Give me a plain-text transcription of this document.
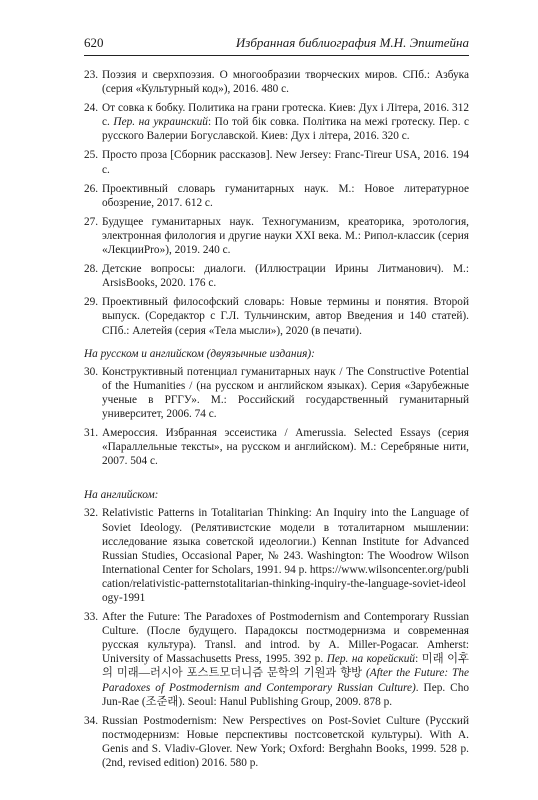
620	Избранная библиография М.Н. Эпштейна
23. Поэзия и сверхпоэзия. О многообразии творческих миров. СПб.: Азбука (серия «Культурный код»), 2016. 480 с.
24. От совка к бобку. Политика на грани гротеска. Киев: Дух і Літера, 2016. 312 с. Пер. на украинский: По той бік совка. Політика на межі гротеску. Пер. с русского Валерии Богуславской. Киев: Дух і літера, 2016. 320 с.
25. Просто проза [Сборник рассказов]. New Jersey: Franc-Tireur USA, 2016. 194 с.
26. Проективный словарь гуманитарных наук. М.: Новое литературное обозрение, 2017. 612 с.
27. Будущее гуманитарных наук. Техногуманизм, креаторика, эротология, электронная филология и другие науки XXI века. М.: Рипол-классик (серия «ЛекцииPro»), 2019. 240 с.
28. Детские вопросы: диалоги. (Иллюстрации Ирины Литманович). М.: ArsisBooks, 2020. 176 с.
29. Проективный философский словарь: Новые термины и понятия. Второй выпуск. (Соредактор с Г.Л. Тульчинским, автор Введения и 140 статей). СПб.: Алетейя (серия «Тела мысли»), 2020 (в печати).
На русском и английском (двуязычные издания):
30. Конструктивный потенциал гуманитарных наук / The Constructive Potential of the Humanities / (на русском и английском языках). Серия «Зарубежные ученые в РГГУ». М.: Российский государственный гуманитарный университет, 2006. 74 с.
31. Амероссия. Избранная эссеистика / Amerussia. Selected Essays (серия «Параллельные тексты», на русском и английском). М.: Серебряные нити, 2007. 504 с.
На английском:
32. Relativistic Patterns in Totalitarian Thinking: An Inquiry into the Language of Soviet Ideology. (Релятивистские модели в тоталитарном мышлении: исследование языка советской идеологии.) Kennan Institute for Advanced Russian Studies, Occasional Paper, № 243. Washington: The Woodrow Wilson International Center for Scholars, 1991. 94 p. https://www.wilsoncenter.org/publication/relativistic-patternstotalitarian-thinking-inquiry-the-language-soviet-ideology-1991
33. After the Future: The Paradoxes of Postmodernism and Contemporary Russian Culture. (После будущего. Парадоксы постмодернизма и современная русская культура). Transl. and introd. by A. Miller-Pogacar. Amherst: University of Massachusetts Press, 1995. 392 p. Пер. на корейский: 미래 이후의 미래—러시아 포스트모더니즘 문학의 기원과 향방 (After the Future: The Paradoxes of Postmodernism and Contemporary Russian Culture). Пер. Cho Jun-Rae (조준래). Seoul: Hanul Publishing Group, 2009. 878 p.
34. Russian Postmodernism: New Perspectives on Post-Soviet Culture (Русский постмодернизм: Новые перспективы постсоветской культуры). With A. Genis and S. Vladiv-Glover. New York; Oxford: Berghahn Books, 1999. 528 p. (2nd, revised edition) 2016. 580 p.
